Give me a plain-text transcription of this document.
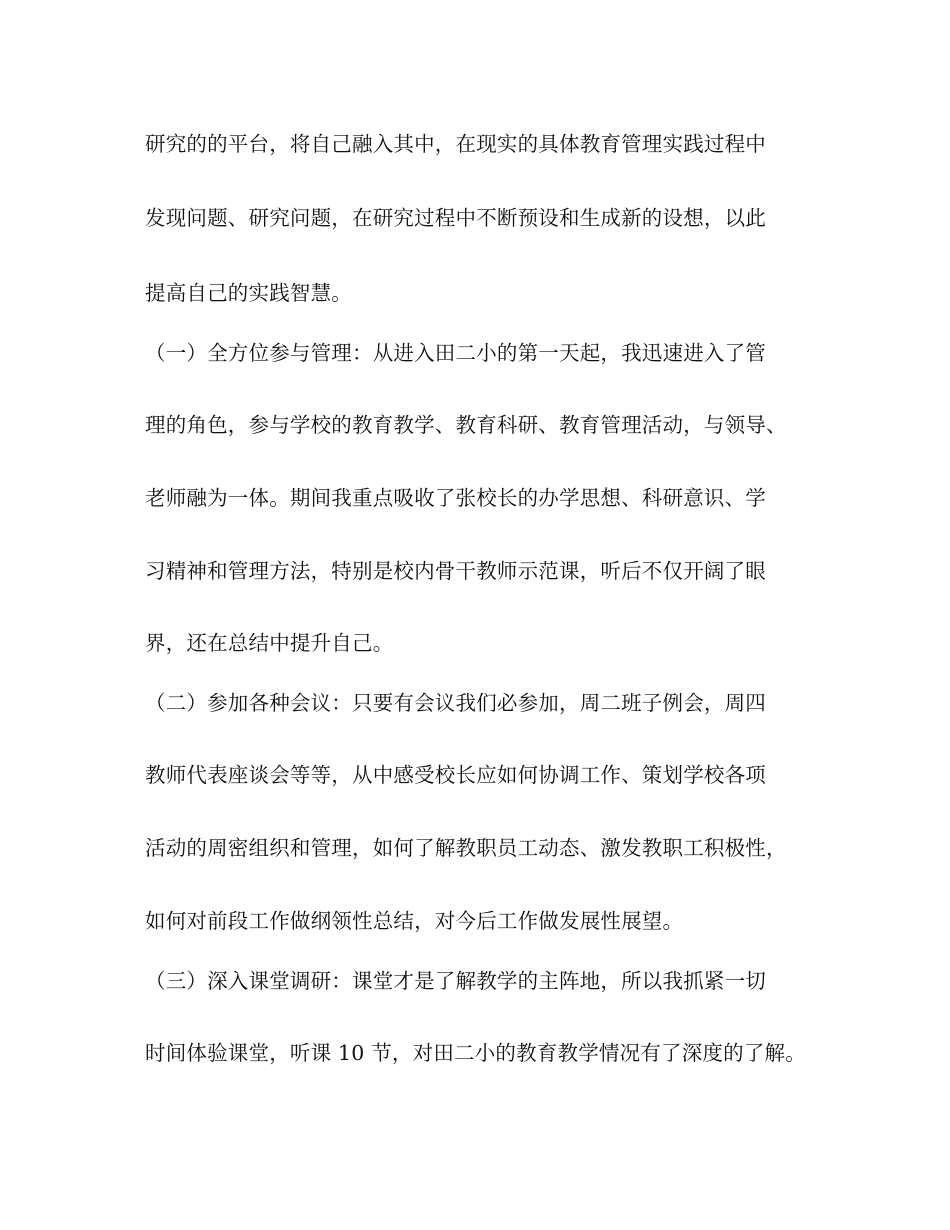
研究的的平台，将自己融入其中，在现实的具体教育管理实践过程中
发现问题、研究问题，在研究过程中不断预设和生成新的设想，以此
提高自己的实践智慧。
（一）全方位参与管理：从进入田二小的第一天起，我迅速进入了管
理的角色，参与学校的教育教学、教育科研、教育管理活动，与领导、
老师融为一体。期间我重点吸收了张校长的办学思想、科研意识、学
习精神和管理方法，特别是校内骨干教师示范课，听后不仅开阔了眼
界，还在总结中提升自己。
（二）参加各种会议：只要有会议我们必参加，周二班子例会，周四
教师代表座谈会等等，从中感受校长应如何协调工作、策划学校各项
活动的周密组织和管理，如何了解教职员工动态、激发教职工积极性，
如何对前段工作做纲领性总结，对今后工作做发展性展望。
（三）深入课堂调研：课堂才是了解教学的主阵地，所以我抓紧一切
时间体验课堂，听课 10 节，对田二小的教育教学情况有了深度的了解。
